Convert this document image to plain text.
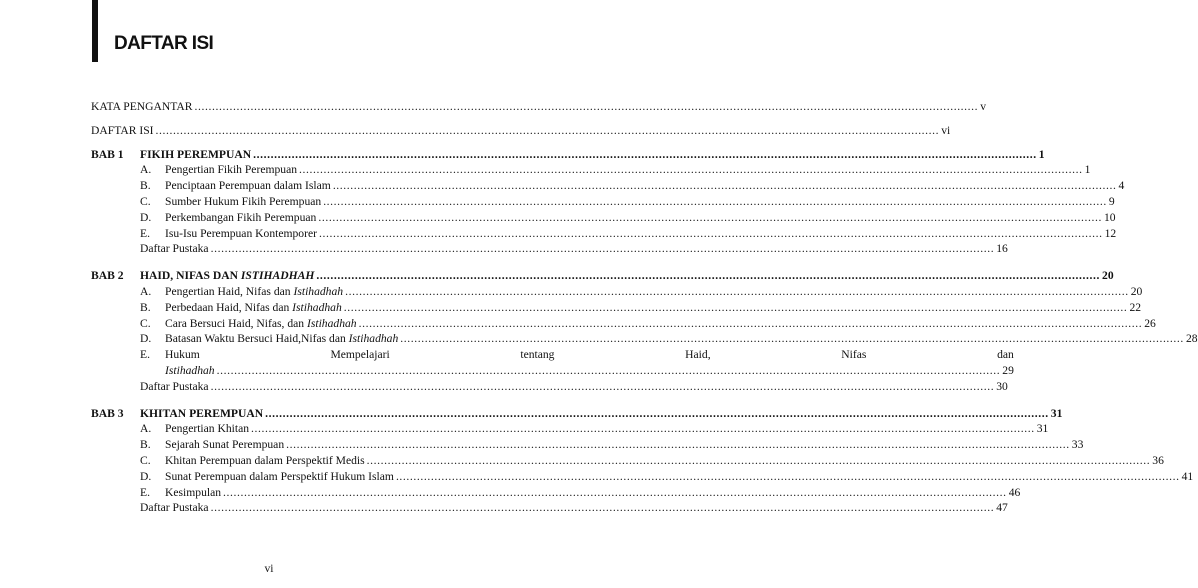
DAFTAR ISI
KATA PENGANTAR .....	v
DAFTAR ISI .....	vi
BAB 1	FIKIH PEREMPUAN .....	1
A.	Pengertian Fikih Perempuan .....	1
B.	Penciptaan Perempuan dalam Islam .....	4
C.	Sumber Hukum Fikih Perempuan .....	9
D.	Perkembangan Fikih Perempuan .....	10
E.	Isu-Isu Perempuan Kontemporer .....	12
Daftar Pustaka .....	16
BAB 2	HAID, NIFAS DAN ISTIHADHAH .....	20
A.	Pengertian Haid, Nifas dan Istihadhah .....	20
B.	Perbedaan Haid, Nifas dan Istihadhah .....	22
C.	Cara Bersuci Haid, Nifas, dan Istihadhah .....	26
D.	Batasan Waktu Bersuci Haid,Nifas dan Istihadhah .....	28
E.	Hukum	Mempelajari	tentang	Haid,	Nifas	dan
Istihadhah .....	29
Daftar Pustaka .....	30
BAB 3	KHITAN PEREMPUAN .....	31
A.	Pengertian Khitan .....	31
B.	Sejarah Sunat Perempuan .....	33
C.	Khitan Perempuan dalam Perspektif Medis .....	36
D.	Sunat Perempuan dalam Perspektif Hukum Islam .....	41
E.	Kesimpulan .....	46
Daftar Pustaka .....	47
vi
